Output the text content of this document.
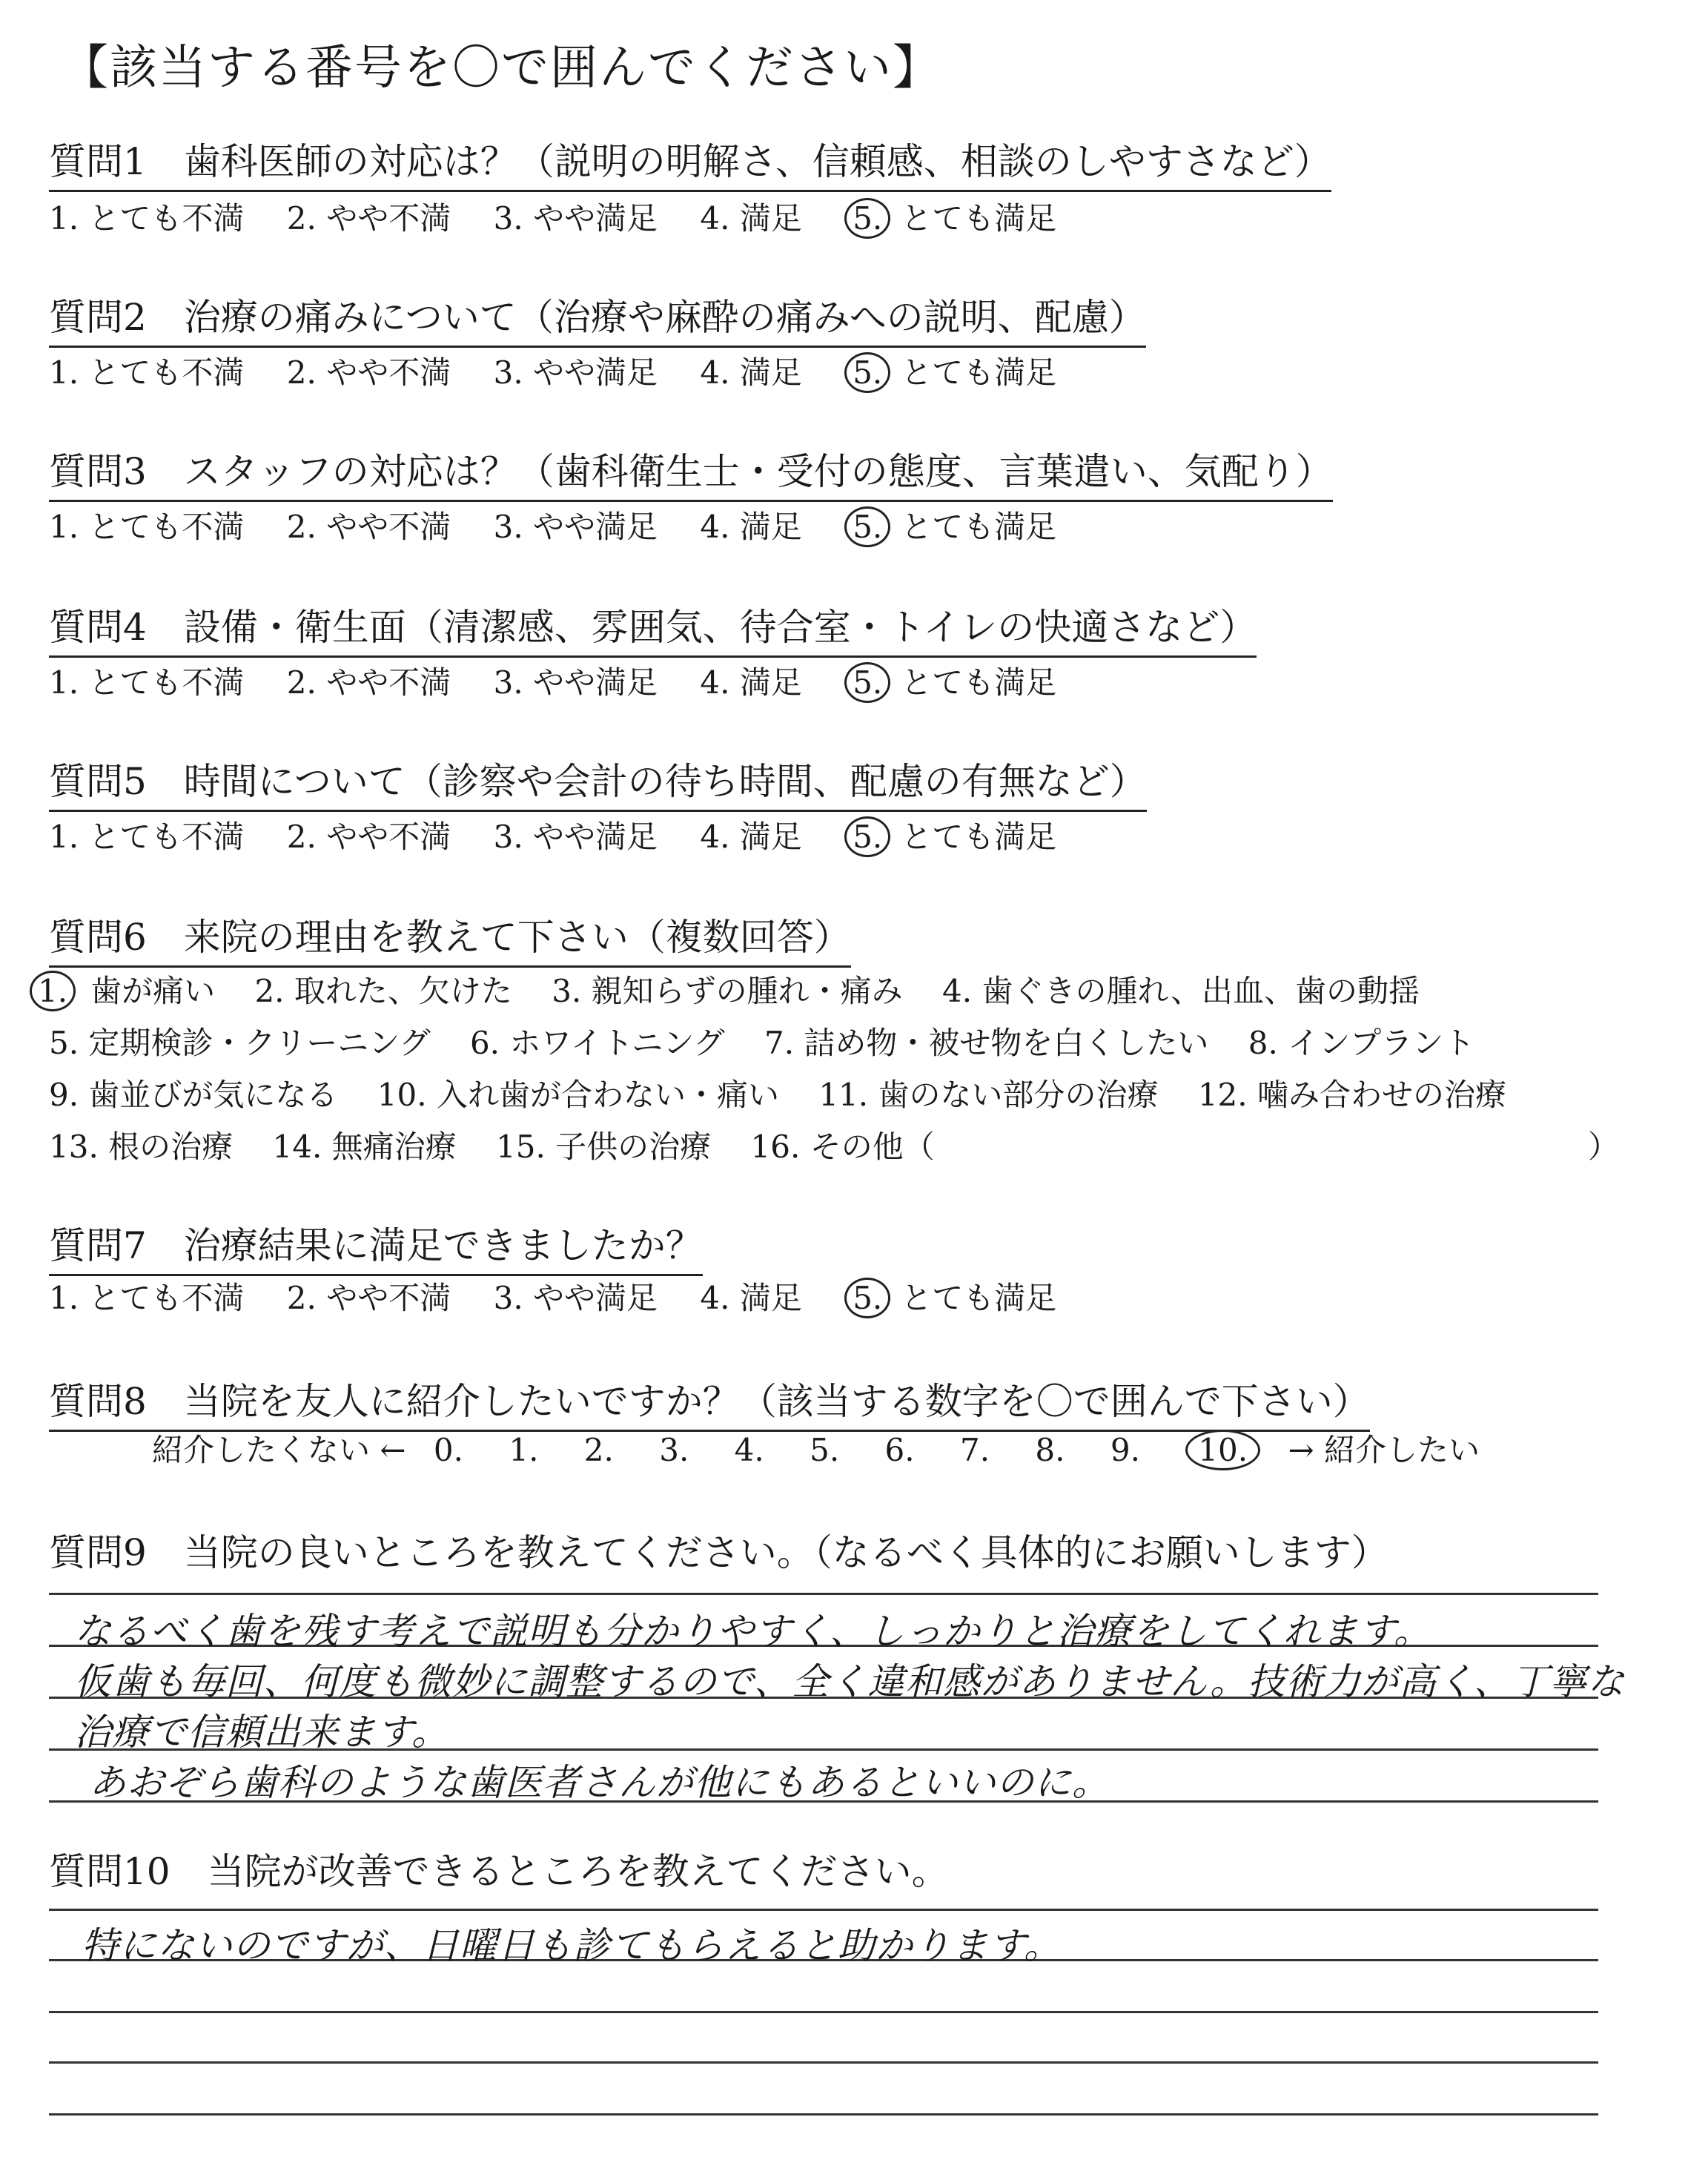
【該当する番号を〇で囲んでください】
質問1　歯科医師の対応は？（説明の明解さ、信頼感、相談のしやすさなど）
1. とても不満 2. やや不満 3. やや満足 4. 満足 5. とても満足
質問2　治療の痛みについて（治療や麻酔の痛みへの説明、配慮）
1. とても不満 2. やや不満 3. やや満足 4. 満足 5. とても満足
質問3　スタッフの対応は？（歯科衛生士・受付の態度、言葉遣い、気配り）
1. とても不満 2. やや不満 3. やや満足 4. 満足 5. とても満足
質問4　設備・衛生面（清潔感、雰囲気、待合室・トイレの快適さなど）
1. とても不満 2. やや不満 3. やや満足 4. 満足 5. とても満足
質問5　時間について（診察や会計の待ち時間、配慮の有無など）
1. とても不満 2. やや不満 3. やや満足 4. 満足 5. とても満足
質問6　来院の理由を教えて下さい（複数回答）
1. 歯が痛い 2. 取れた、欠けた 3. 親知らずの腫れ・痛み 4. 歯ぐきの腫れ、出血、歯の動揺
5. 定期検診・クリーニング 6. ホワイトニング 7. 詰め物・被せ物を白くしたい 8. インプラント
9. 歯並びが気になる 10. 入れ歯が合わない・痛い 11. 歯のない部分の治療 12. 噛み合わせの治療
13. 根の治療 14. 無痛治療 15. 子供の治療 16. その他（	）
質問7　治療結果に満足できましたか？
1. とても不満 2. やや不満 3. やや満足 4. 満足 5. とても満足
質問8　当院を友人に紹介したいですか？（該当する数字を〇で囲んで下さい）
紹介したくない ← 0. 1. 2. 3. 4. 5. 6. 7. 8. 9. 10. → 紹介したい
質問9　当院の良いところを教えてください。（なるべく具体的にお願いします）
なるべく歯を残す考えで説明も分かりやすく、しっかりと治療をしてくれます。
仮歯も毎回、何度も微妙に調整するので、全く違和感がありません。技術力が高く、丁寧な
治療で信頼出来ます。
あおぞら歯科のような歯医者さんが他にもあるといいのに。
質問10　当院が改善できるところを教えてください。
特にないのですが、日曜日も診てもらえると助かります。
